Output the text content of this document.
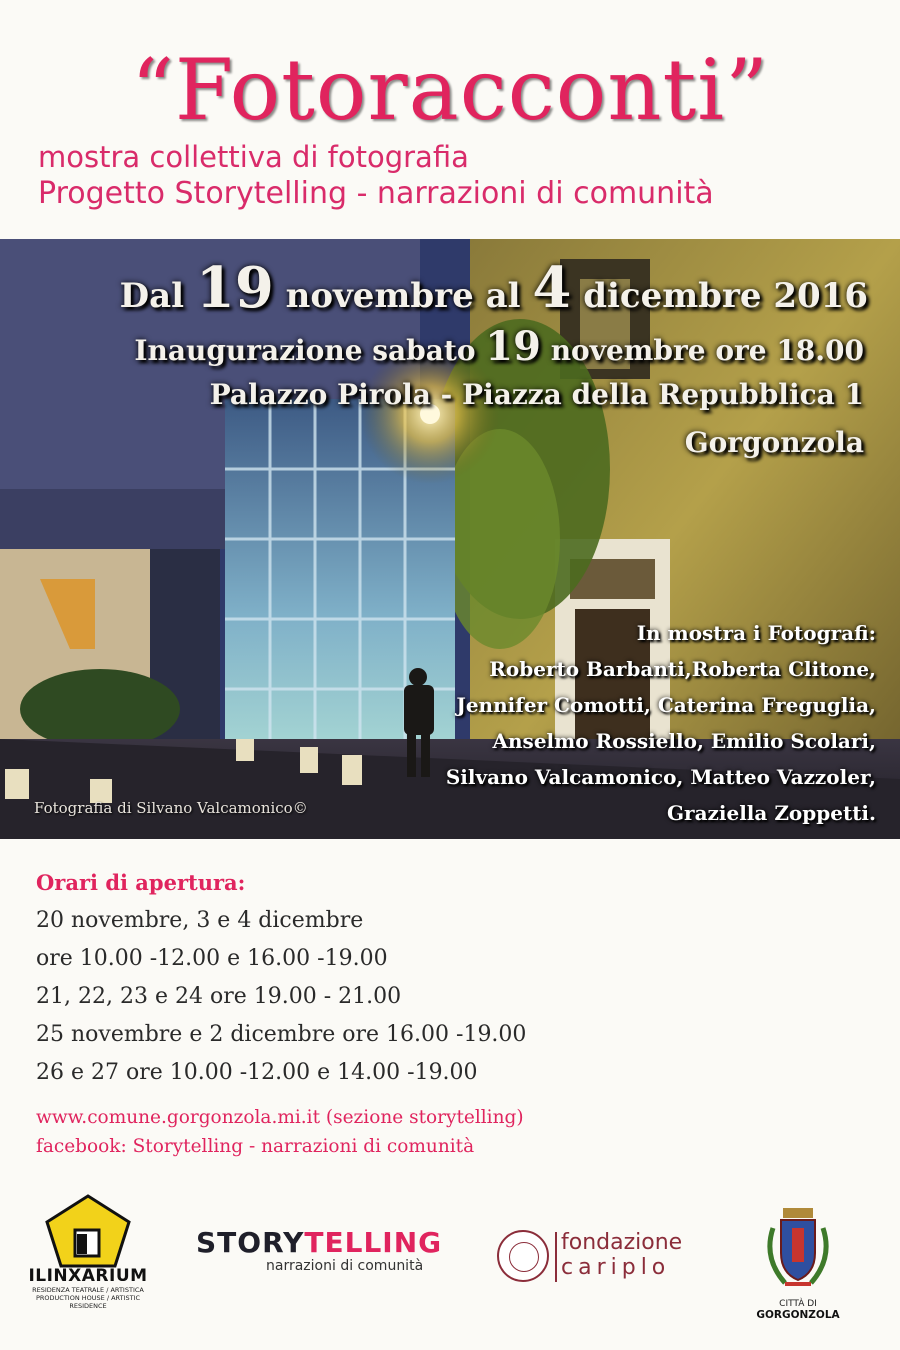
“Fotoracconti”

mostra collettiva di fotografia

Progetto Storytelling - narrazioni di comunità

Dal 19 novembre al 4 dicembre 2016

Inaugurazione sabato 19 novembre ore 18.00

Palazzo Pirola - Piazza della Repubblica 1

Gorgonzola

In mostra i Fotografi:

Roberto Barbanti,Roberta Clitone,

Jennifer Comotti, Caterina Freguglia,

Anselmo Rossiello, Emilio Scolari,

Silvano Valcamonico, Matteo Vazzoler,

Graziella Zoppetti.

Fotografia di Silvano Valcamonico©

Orari di apertura:

20 novembre, 3 e 4 dicembre

ore 10.00 -12.00 e 16.00 -19.00

21, 22, 23 e 24 ore 19.00 - 21.00

25 novembre e 2 dicembre ore 16.00 -19.00

26 e 27 ore 10.00 -12.00 e 14.00 -19.00

www.comune.gorgonzola.mi.it (sezione storytelling)

facebook: Storytelling - narrazioni di comunità

ILINXARIUM
RESIDENZA TEATRALE / ARTISTICA
PRODUCTION HOUSE / ARTISTIC RESIDENCE
STORYTELLING
narrazioni di comunità
fondazione
cariplo
CITTÀ DI
GORGONZOLA
